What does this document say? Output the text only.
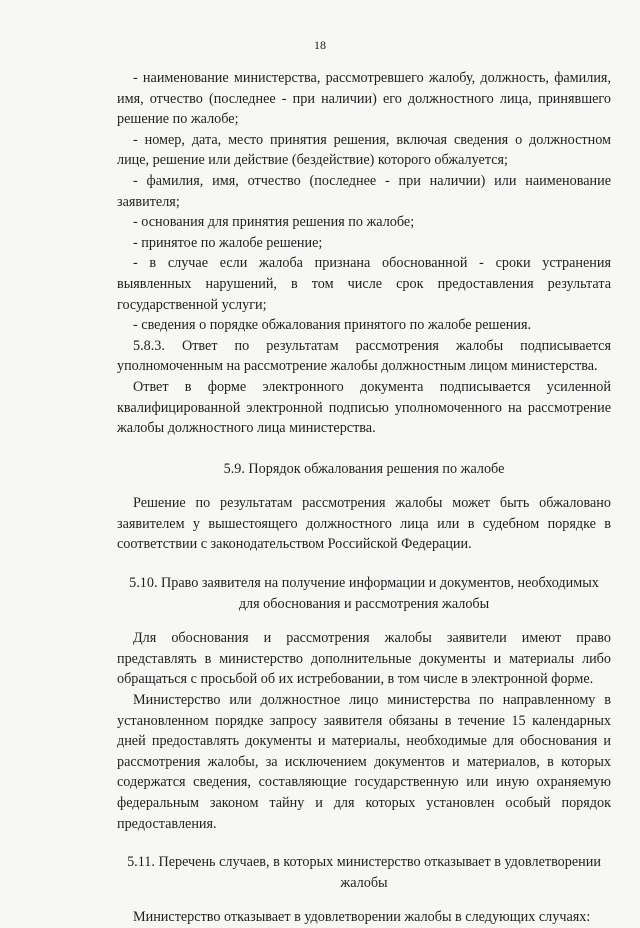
18

- наименование министерства, рассмотревшего жалобу, должность, фамилия, имя, отчество (последнее - при наличии) его должностного лица, принявшего решение по жалобе;

- номер, дата, место принятия решения, включая сведения о должностном лице, решение или действие (бездействие) которого обжалуется;

- фамилия, имя, отчество (последнее - при наличии) или наименование заявителя;

- основания для принятия решения по жалобе;

- принятое по жалобе решение;

- в случае если жалоба признана обоснованной - сроки устранения выявленных нарушений, в том числе срок предоставления результата государственной услуги;

- сведения о порядке обжалования принятого по жалобе решения.

5.8.3. Ответ по результатам рассмотрения жалобы подписывается уполномоченным на рассмотрение жалобы должностным лицом министерства.

Ответ в форме электронного документа подписывается усиленной квалифицированной электронной подписью уполномоченного на рассмотрение жалобы должностного лица министерства.

5.9. Порядок обжалования решения по жалобе

Решение по результатам рассмотрения жалобы может быть обжаловано заявителем у вышестоящего должностного лица или в судебном порядке в соответствии с законодательством Российской Федерации.

5.10. Право заявителя на получение информации и документов, необходимых

для обоснования и рассмотрения жалобы

Для обоснования и рассмотрения жалобы заявители имеют право представлять в министерство дополнительные документы и материалы либо обращаться с просьбой об их истребовании, в том числе в электронной форме.

Министерство или должностное лицо министерства по направленному в установленном порядке запросу заявителя обязаны в течение 15 календарных дней предоставлять документы и материалы, необходимые для обоснования и рассмотрения жалобы, за исключением документов и материалов, в которых содержатся сведения, составляющие государственную или иную охраняемую федеральным законом тайну и для которых установлен особый порядок предоставления.

5.11. Перечень случаев, в которых министерство отказывает в удовлетворении

жалобы

Министерство отказывает в удовлетворении жалобы в следующих случаях:
